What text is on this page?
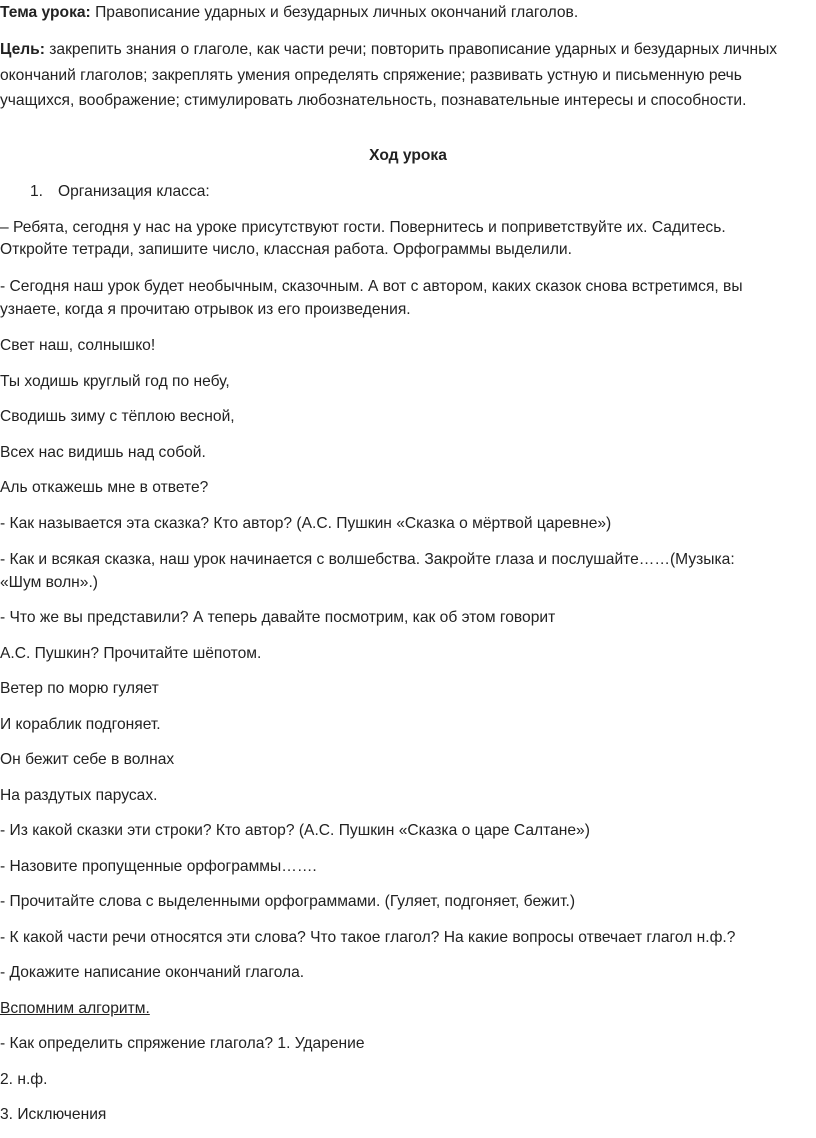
Тема урока: Правописание ударных и безударных личных окончаний глаголов.

Цель: закрепить знания о глаголе, как части речи; повторить правописание ударных и безударных личных окончаний глаголов; закреплять умения определять спряжение; развивать устную и письменную речь учащихся, воображение; стимулировать любознательность, познавательные интересы и способности.

Ход урока

1. Организация класса:

– Ребята, сегодня у нас на уроке присутствуют гости. Повернитесь и поприветствуйте их. Садитесь.

Откройте тетради, запишите число, классная работа. Орфограммы выделили.

- Сегодня наш урок будет необычным, сказочным. А вот с автором, каких сказок снова встретимся, вы

узнаете, когда я прочитаю отрывок из его произведения.

Свет наш, солнышко!

Ты ходишь круглый год по небу,

Сводишь зиму с тёплою весной,

Всех нас видишь над собой.

Аль откажешь мне в ответе?

- Как называется эта сказка? Кто автор? (А.С. Пушкин «Сказка о мёртвой царевне»)

- Как и всякая сказка, наш урок начинается с волшебства. Закройте глаза и послушайте……(Музыка:

«Шум волн».)

- Что же вы представили? А теперь давайте посмотрим, как об этом говорит

А.С. Пушкин? Прочитайте шёпотом.

Ветер по морю гуляет

И кораблик подгоняет.

Он бежит себе в волнах

На раздутых парусах.

- Из какой сказки эти строки? Кто автор? (А.С. Пушкин «Сказка о царе Салтане»)

- Назовите пропущенные орфограммы…….

- Прочитайте слова с выделенными орфограммами. (Гуляет, подгоняет, бежит.)

- К какой части речи относятся эти слова? Что такое глагол? На какие вопросы отвечает глагол н.ф.?

- Докажите написание окончаний глагола.

Вспомним алгоритм.

- Как определить спряжение глагола? 1. Ударение

2. н.ф.

3. Исключения
